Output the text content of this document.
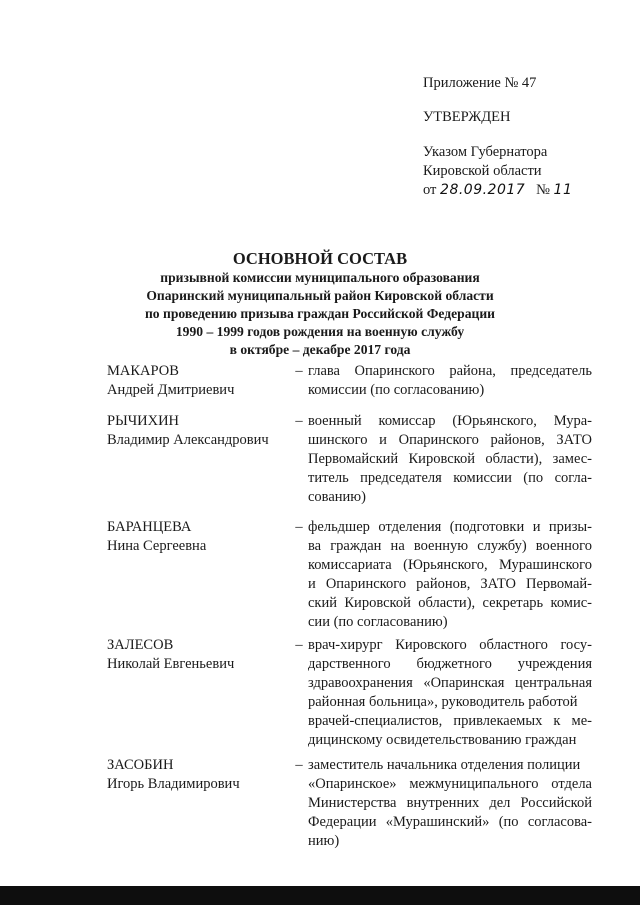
Приложение № 47
УТВЕРЖДЕН
Указом Губернатора
Кировской области
от 28.09.2017 № 11
ОСНОВНОЙ СОСТАВ
призывной комиссии муниципального образования
Опаринский муниципальный район Кировской области
по проведению призыва граждан Российской Федерации
1990 – 1999 годов рождения на военную службу
в октябре – декабре 2017 года
МАКАРОВ
Андрей Дмитриевич
– глава Опаринского района, председатель
комиссии (по согласованию)
РЫЧИХИН
Владимир Александрович
– военный комиссар (Юрьянского, Мура-
шинского и Опаринского районов, ЗАТО
Первомайский Кировской области), замес-
титель председателя комиссии (по согла-
сованию)
БАРАНЦЕВА
Нина Сергеевна
– фельдшер отделения (подготовки и призы-
ва граждан на военную службу) военного
комиссариата (Юрьянского, Мурашинского
и Опаринского районов, ЗАТО Первомай-
ский Кировской области), секретарь комис-
сии (по согласованию)
ЗАЛЕСОВ
Николай Евгеньевич
– врач-хирург Кировского областного госу-
дарственного бюджетного учреждения
здравоохранения «Опаринская центральная
районная больница», руководитель работой
врачей-специалистов, привлекаемых к ме-
дицинскому освидетельствованию граждан
ЗАСОБИН
Игорь Владимирович
– заместитель начальника отделения полиции
«Опаринское» межмуниципального отдела
Министерства внутренних дел Российской
Федерации «Мурашинский» (по согласова-
нию)
